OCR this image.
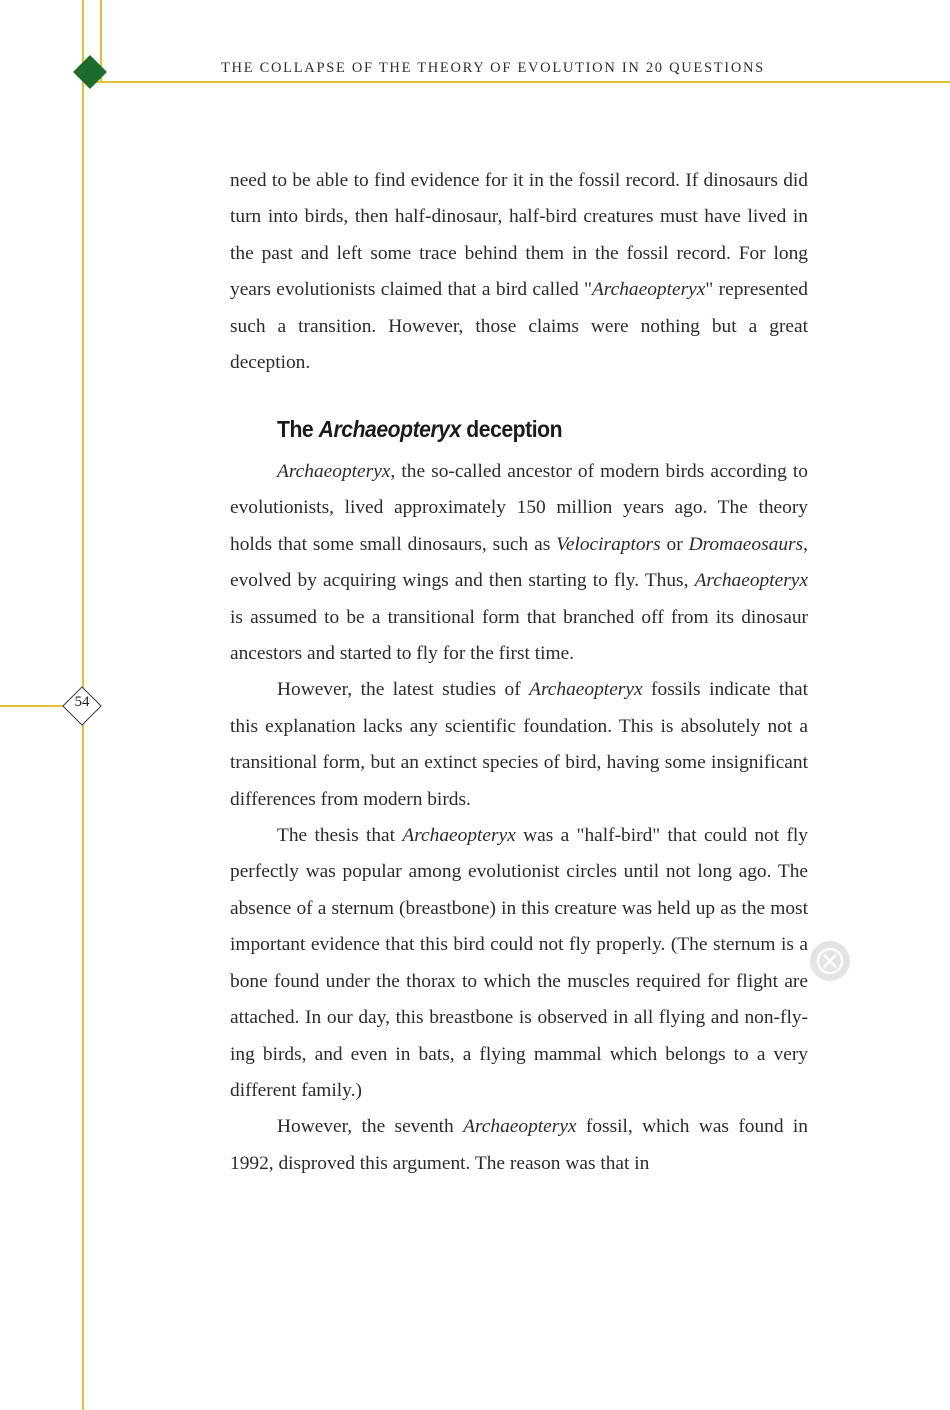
THE COLLAPSE OF THE THEORY OF EVOLUTION IN 20 QUESTIONS
54

need to be able to find evidence for it in the fossil record. If dinosaurs did turn into birds, then half-dinosaur, half-bird creatures must have lived in the past and left some trace behind them in the fossil record. For long years evolutionists claimed that a bird called "Archaeopteryx" represented such a transition. However, those claims were nothing but a great deception.

The Archaeopteryx deception

Archaeopteryx, the so-called ancestor of modern birds according to evolutionists, lived approximately 150 million years ago. The theory holds that some small dinosaurs, such as Velociraptors or Dromaeosaurs, evolved by acquiring wings and then starting to fly. Thus, Archaeopteryx is assumed to be a transitional form that branched off from its dinosaur ancestors and started to fly for the first time.

However, the latest studies of Archaeopteryx fossils indicate that this explanation lacks any scientific foundation. This is absolutely not a transitional form, but an extinct species of bird, having some insignificant differences from modern birds.

The thesis that Archaeopteryx was a "half-bird" that could not fly perfectly was popular among evolutionist circles until not long ago. The absence of a sternum (breastbone) in this creature was held up as the most important evidence that this bird could not fly properly. (The sternum is a bone found under the thorax to which the muscles required for flight are attached. In our day, this breastbone is observed in all flying and non-flying birds, and even in bats, a flying mammal which belongs to a very different family.)

However, the seventh Archaeopteryx fossil, which was found in 1992, disproved this argument. The reason was that in
